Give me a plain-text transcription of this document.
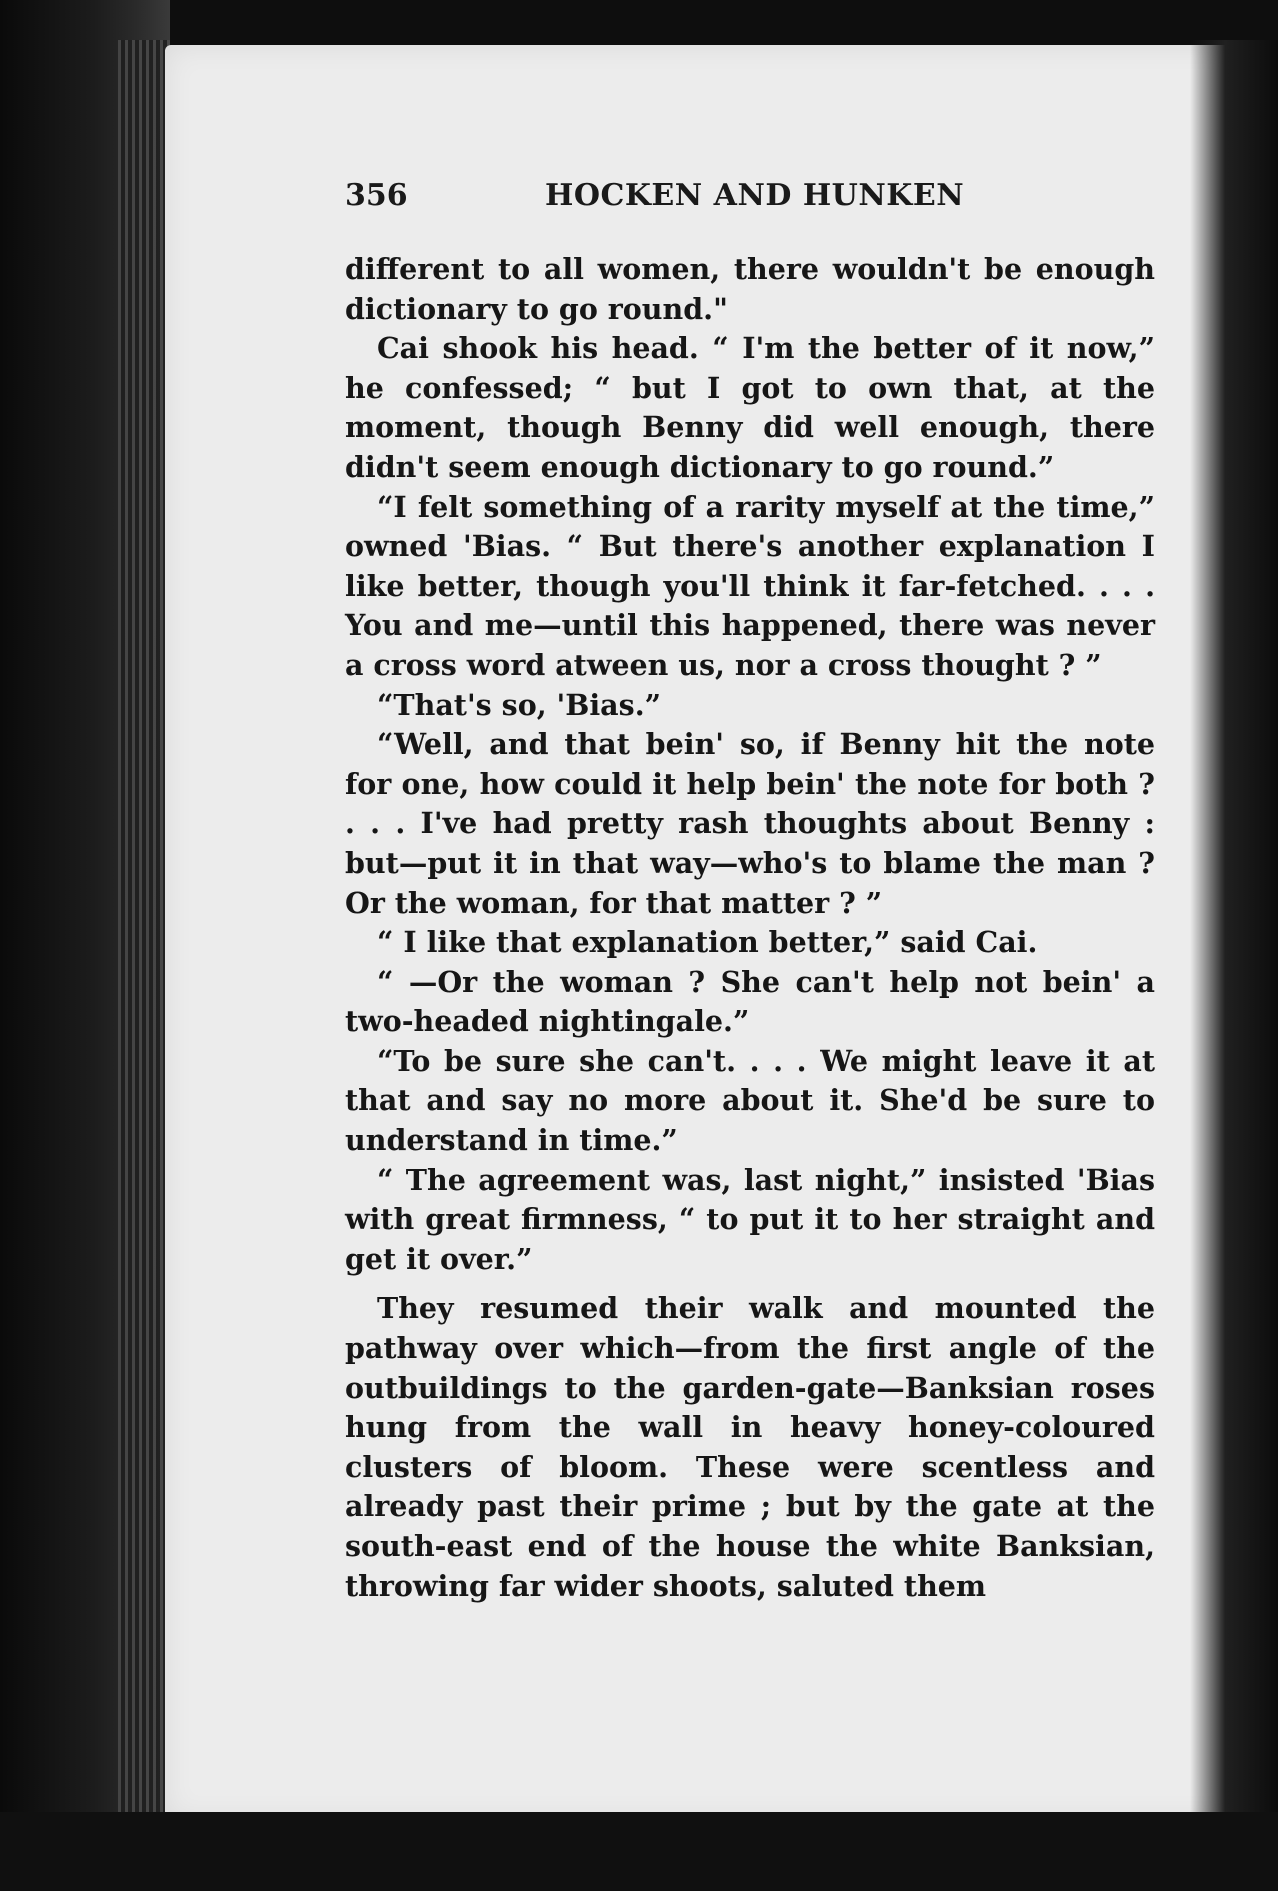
356	HOCKEN AND HUNKEN

different to all women, there wouldn't be enough dictionary to go round."

Cai shook his head. “ I'm the better of it now,” he confessed; “ but I got to own that, at the moment, though Benny did well enough, there didn't seem enough dictionary to go round.”

“I felt something of a rarity myself at the time,” owned 'Bias. “ But there's another explanation I like better, though you'll think it far-fetched. . . . You and me—until this happened, there was never a cross word atween us, nor a cross thought ? ”

“That's so, 'Bias.”

“Well, and that bein' so, if Benny hit the note for one, how could it help bein' the note for both ? . . . I've had pretty rash thoughts about Benny : but—put it in that way—who's to blame the man ? Or the woman, for that matter ? ”

“ I like that explanation better,” said Cai.

“ —Or the woman ? She can't help not bein' a two-headed nightingale.”

“To be sure she can't. . . . We might leave it at that and say no more about it. She'd be sure to understand in time.”

“ The agreement was, last night,” insisted 'Bias with great firmness, “ to put it to her straight and get it over.”

They resumed their walk and mounted the pathway over which—from the first angle of the outbuildings to the garden-gate—Banksian roses hung from the wall in heavy honey-coloured clusters of bloom. These were scentless and already past their prime ; but by the gate at the south-east end of the house the white Banksian, throwing far wider shoots, saluted them
